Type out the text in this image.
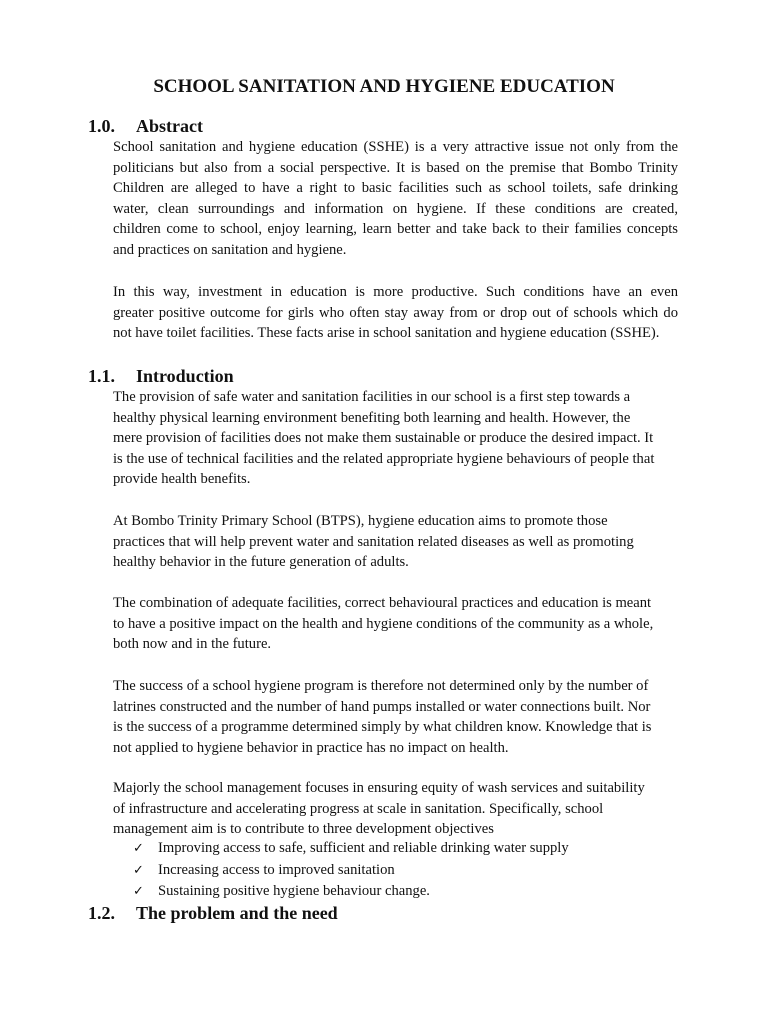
SCHOOL SANITATION AND HYGIENE EDUCATION
1.0. Abstract

School sanitation and hygiene education (SSHE) is a very attractive issue not only from the
politicians but also from a social perspective. It is based on the premise that Bombo Trinity
Children are alleged to have a right to basic facilities such as school toilets, safe drinking
water, clean surroundings and information on hygiene. If these conditions are created,
children come to school, enjoy learning, learn better and take back to their families concepts
and practices on sanitation and hygiene.

In this way, investment in education is more productive. Such conditions have an even
greater positive outcome for girls who often stay away from or drop out of schools which do
not have toilet facilities. These facts arise in school sanitation and hygiene education (SSHE).

1.1. Introduction

The provision of safe water and sanitation facilities in our school is a first step towards a
healthy physical learning environment benefiting both learning and health. However, the
mere provision of facilities does not make them sustainable or produce the desired impact. It
is the use of technical facilities and the related appropriate hygiene behaviours of people that
provide health benefits.

At Bombo Trinity Primary School (BTPS), hygiene education aims to promote those
practices that will help prevent water and sanitation related diseases as well as promoting
healthy behavior in the future generation of adults.

The combination of adequate facilities, correct behavioural practices and education is meant
to have a positive impact on the health and hygiene conditions of the community as a whole,
both now and in the future.

The success of a school hygiene program is therefore not determined only by the number of
latrines constructed and the number of hand pumps installed or water connections built. Nor
is the success of a programme determined simply by what children know. Knowledge that is
not applied to hygiene behavior in practice has no impact on health.

Majorly the school management focuses in ensuring equity of wash services and suitability
of infrastructure and accelerating progress at scale in sanitation. Specifically, school
management aim is to contribute to three development objectives

✓ Improving access to safe, sufficient and reliable drinking water supply
✓ Increasing access to improved sanitation
✓ Sustaining positive hygiene behaviour change.
1.2. The problem and the need
